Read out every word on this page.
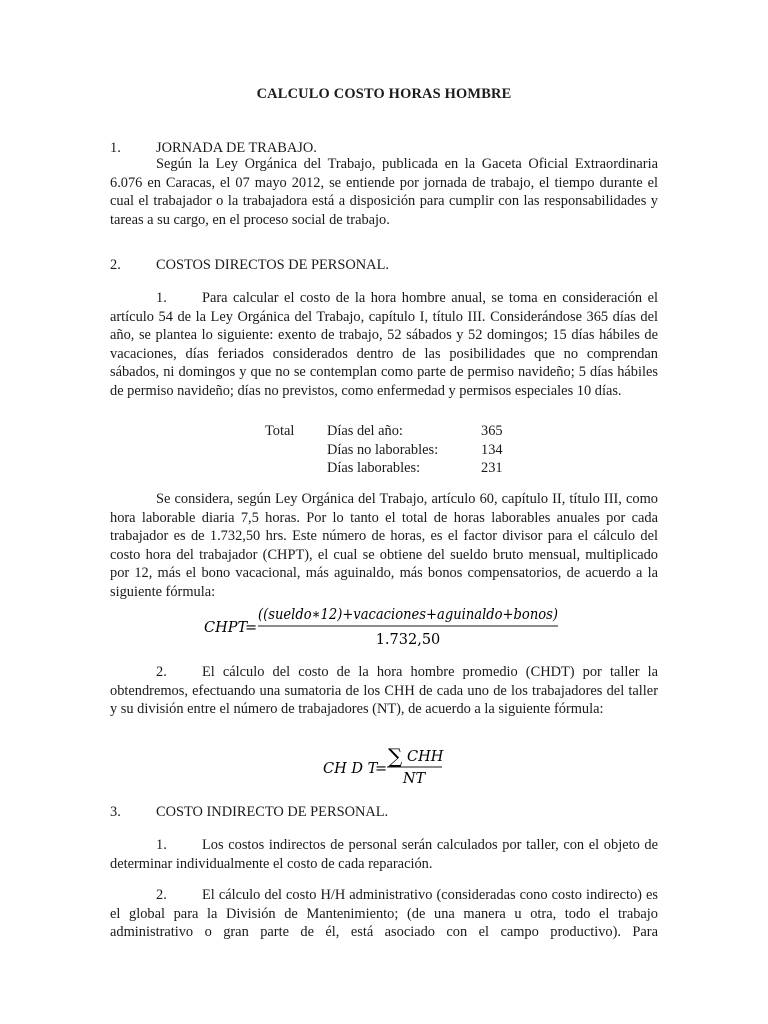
CALCULO COSTO HORAS HOMBRE
1. JORNADA DE TRABAJO.
Según la Ley Orgánica del Trabajo, publicada en la Gaceta Oficial Extraordinaria 6.076 en Caracas, el 07 mayo 2012, se entiende por jornada de trabajo, el tiempo durante el cual el trabajador o la trabajadora está a disposición para cumplir con las responsabilidades y tareas a su cargo, en el proceso social de trabajo.
2. COSTOS DIRECTOS DE PERSONAL.
1. Para calcular el costo de la hora hombre anual, se toma en consideración el artículo 54 de la Ley Orgánica del Trabajo, capítulo I, título III. Considerándose 365 días del año, se plantea lo siguiente: exento de trabajo, 52 sábados y 52 domingos; 15 días hábiles de vacaciones, días feriados considerados dentro de las posibilidades que no comprendan sábados, ni domingos y que no se contemplan como parte de permiso navideño; 5 días hábiles de permiso navideño; días no previstos, como enfermedad y permisos especiales 10 días.
Total	Días del año:	365
	Días no laborables:	134
	Días laborables:	231
Se considera, según Ley Orgánica del Trabajo, artículo 60, capítulo II, título III, como hora laborable diaria 7,5 horas. Por lo tanto el total de horas laborables anuales por cada trabajador es de 1.732,50 hrs. Este número de horas, es el factor divisor para el cálculo del costo hora del trabajador (CHPT), el cual se obtiene del sueldo bruto mensual, multiplicado por 12, más el bono vacacional, más aguinaldo, más bonos compensatorios, de acuerdo a la siguiente fórmula:
CHPT
=
((sueldo∗12)+vacaciones+aguinaldo+bonos)
1.732,50
2. El cálculo del costo de la hora hombre promedio (CHDT) por taller la obtendremos, efectuando una sumatoria de los CHH de cada uno de los trabajadores del taller y su división entre el número de trabajadores (NT), de acuerdo a la siguiente fórmula:
CH D T
=
∑ CHH
NT
3. COSTO INDIRECTO DE PERSONAL.
1. Los costos indirectos de personal serán calculados por taller, con el objeto de determinar individualmente el costo de cada reparación.
2. El cálculo del costo H/H administrativo (consideradas cono costo indirecto) es el global para la División de Mantenimiento; (de una manera u otra, todo el trabajo administrativo o gran parte de él, está asociado con el campo productivo). Para
